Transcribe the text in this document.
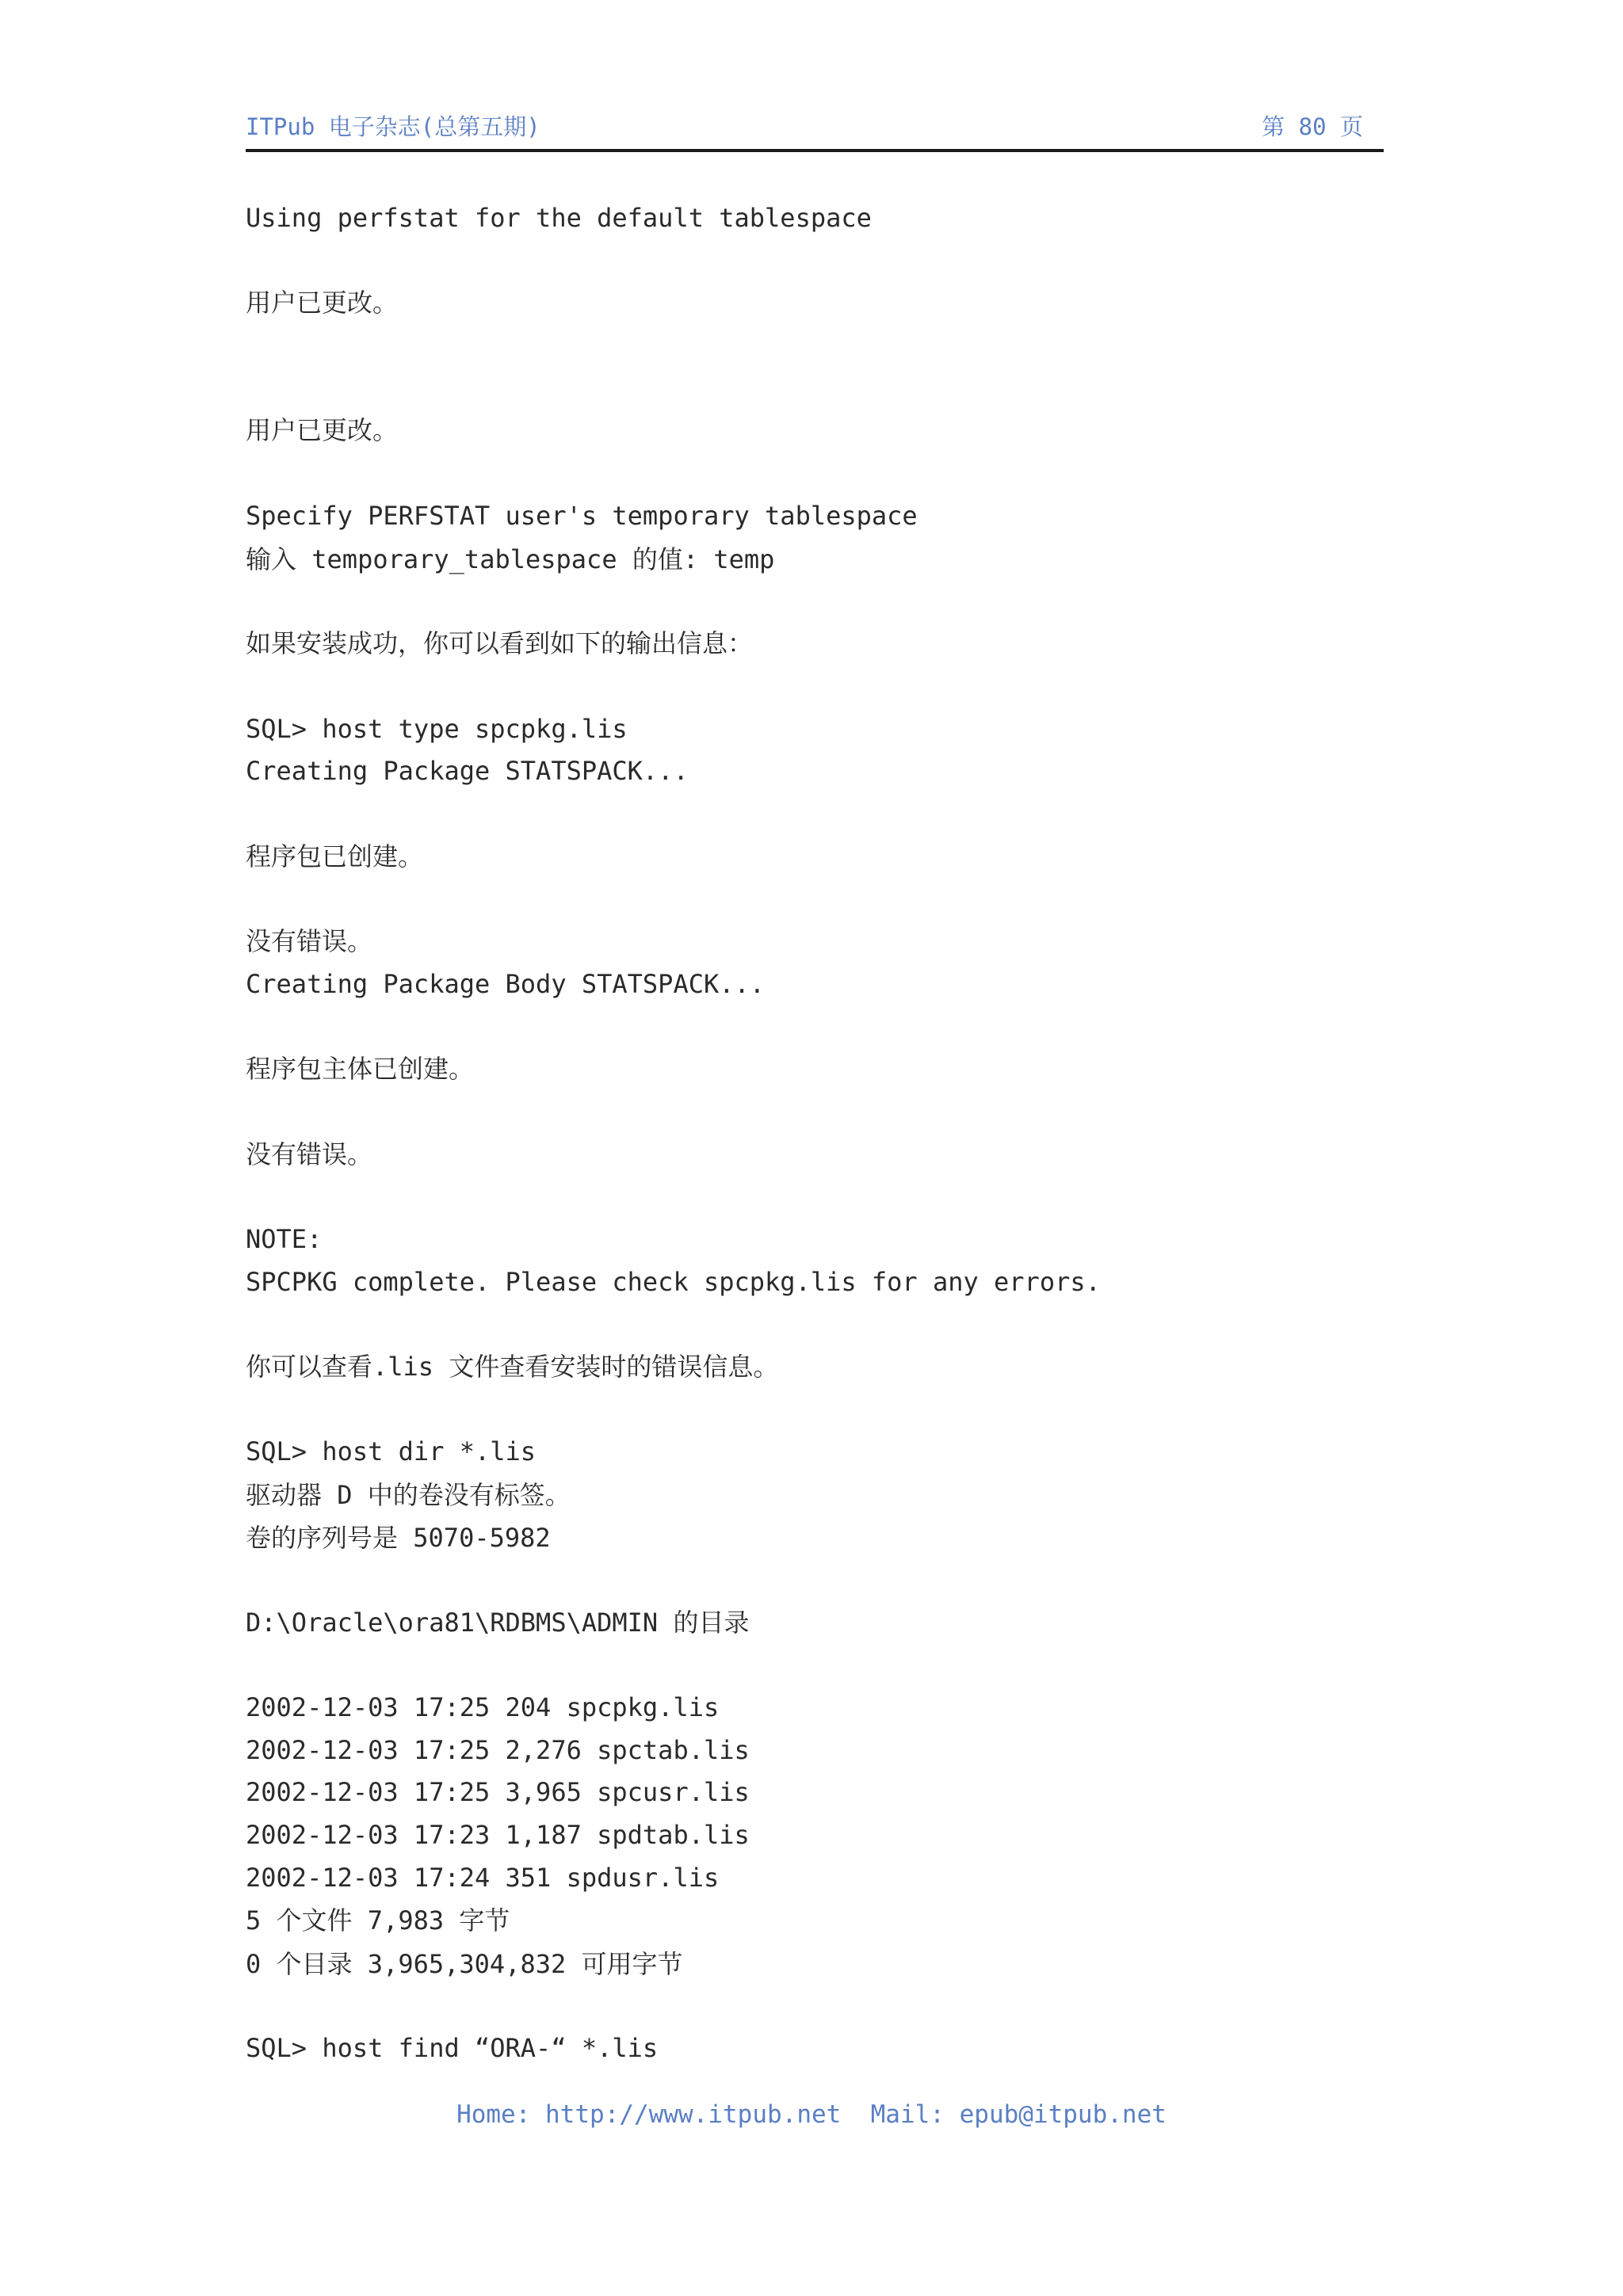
ITPub 电子杂志(总第五期)	第 80 页
Using perfstat for the default tablespace
用户已更改。
用户已更改。
Specify PERFSTAT user's temporary tablespace
输入 temporary_tablespace 的值: temp
如果安装成功，你可以看到如下的输出信息：
SQL> host type spcpkg.lis
Creating Package STATSPACK...
程序包已创建。
没有错误。
Creating Package Body STATSPACK...
程序包主体已创建。
没有错误。
NOTE:
SPCPKG complete. Please check spcpkg.lis for any errors.
你可以查看.lis 文件查看安装时的错误信息。
SQL> host dir *.lis
驱动器 D 中的卷没有标签。
卷的序列号是 5070-5982
D:\Oracle\ora81\RDBMS\ADMIN 的目录
2002-12-03 17:25 204 spcpkg.lis
2002-12-03 17:25 2,276 spctab.lis
2002-12-03 17:25 3,965 spcusr.lis
2002-12-03 17:23 1,187 spdtab.lis
2002-12-03 17:24 351 spdusr.lis
5 个文件 7,983 字节
0 个目录 3,965,304,832 可用字节
SQL> host find “ORA-“ *.lis
Home: http://www.itpub.net  Mail: epub@itpub.net
